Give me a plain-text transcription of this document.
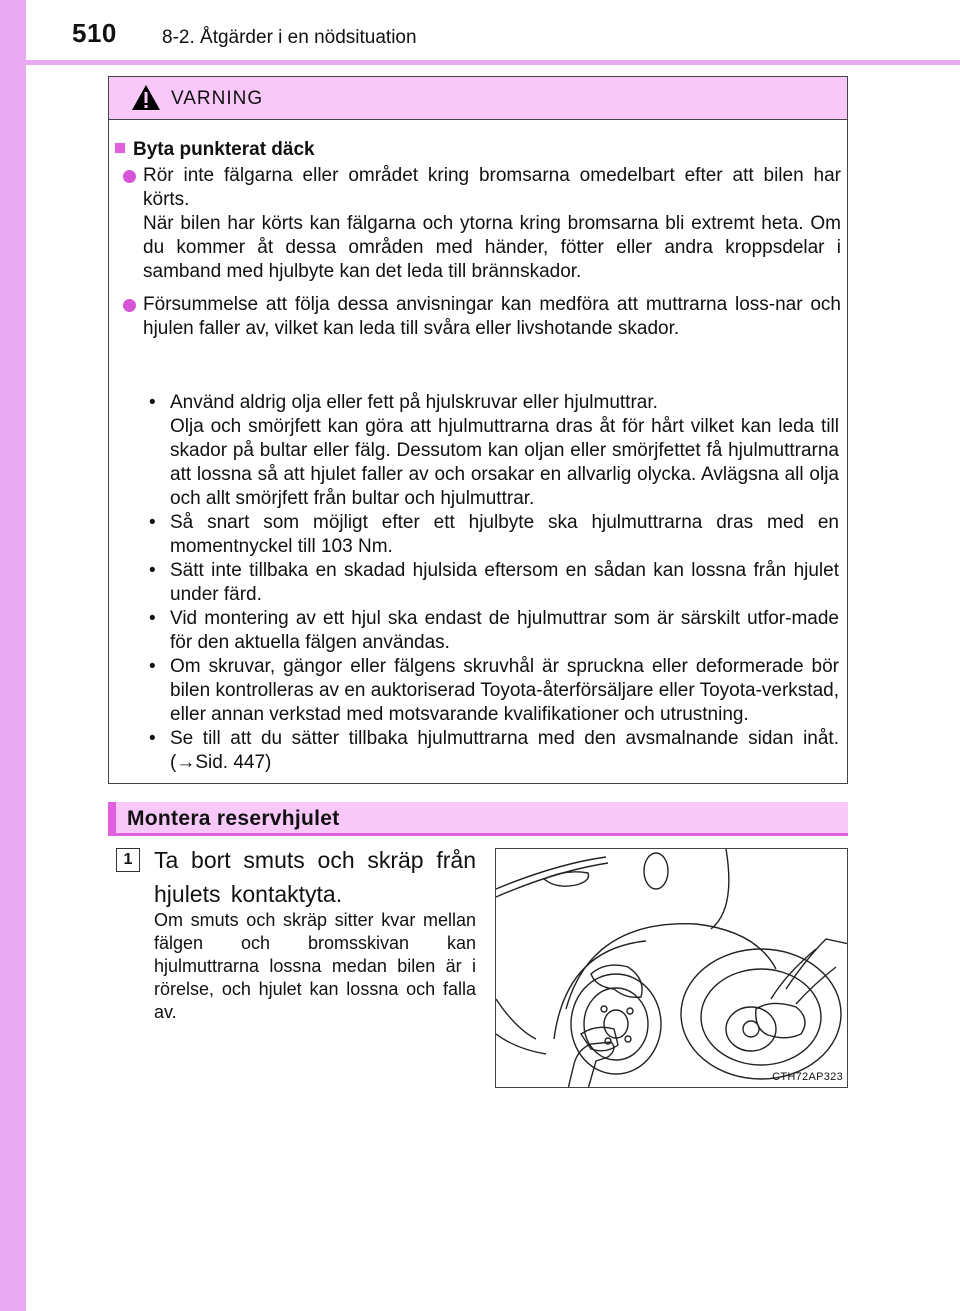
510 8-2. Åtgärder i en nödsituation
VARNING
Byta punkterat däck

Rör inte fälgarna eller området kring bromsarna omedelbart efter att bilen har körts.

När bilen har körts kan fälgarna och ytorna kring bromsarna bli extremt heta. Om du kommer åt dessa områden med händer, fötter eller andra kroppsdelar i samband med hjulbyte kan det leda till brännskador.

Försummelse att följa dessa anvisningar kan medföra att muttrarna loss-nar och hjulen faller av, vilket kan leda till svåra eller livshotande skador.

• Använd aldrig olja eller fett på hjulskruvar eller hjulmuttrar.

Olja och smörjfett kan göra att hjulmuttrarna dras åt för hårt vilket kan leda till skador på bultar eller fälg. Dessutom kan oljan eller smörjfettet få hjulmuttrarna att lossna så att hjulet faller av och orsakar en allvarlig olycka. Avlägsna all olja och allt smörjfett från bultar och hjulmuttrar.

• Så snart som möjligt efter ett hjulbyte ska hjulmuttrarna dras med en momentnyckel till 103 Nm.

• Sätt inte tillbaka en skadad hjulsida eftersom en sådan kan lossna från hjulet under färd.

• Vid montering av ett hjul ska endast de hjulmuttrar som är särskilt utfor-made för den aktuella fälgen användas.

• Om skruvar, gängor eller fälgens skruvhål är spruckna eller deformerade bör bilen kontrolleras av en auktoriserad Toyota-återförsäljare eller Toyota-verkstad, eller annan verkstad med motsvarande kvalifikationer och utrustning.

• Se till att du sätter tillbaka hjulmuttrarna med den avsmalnande sidan inåt. (→Sid. 447)

Montera reservhjulet
1 Ta bort smuts och skräp från hjulets kontaktyta.
Om smuts och skräp sitter kvar mellan fälgen och bromsskivan kan hjulmuttrarna lossna medan bilen är i rörelse, och hjulet kan lossna och falla av.
CTH72AP323
